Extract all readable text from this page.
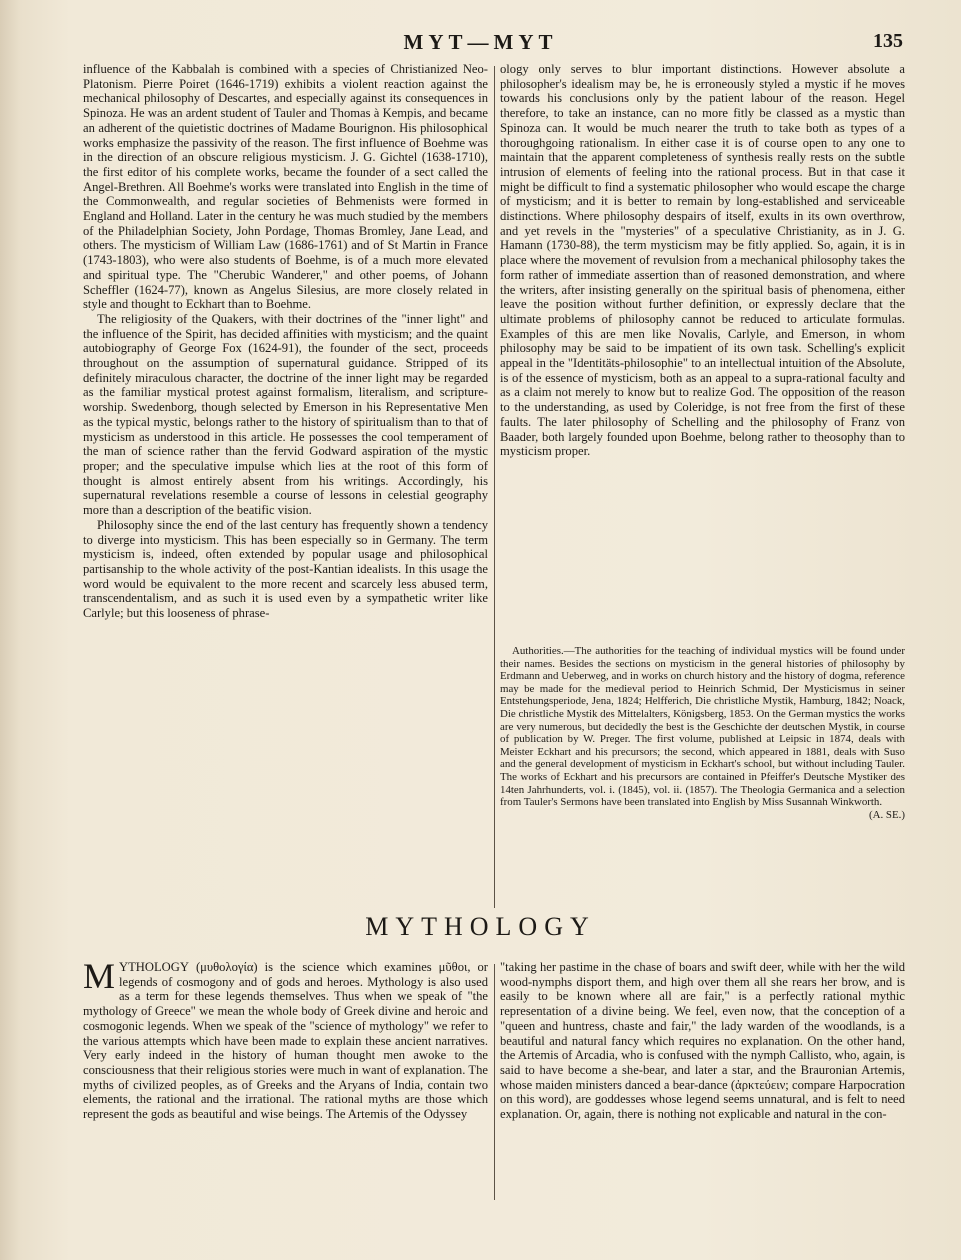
MYT—MYT	135

influence of the Kabbalah is combined with a species of Christianized Neo-Platonism. Pierre Poiret (1646-1719) exhibits a violent reaction against the mechanical philosophy of Descartes, and especially against its consequences in Spinoza. He was an ardent student of Tauler and Thomas à Kempis, and became an adherent of the quietistic doctrines of Madame Bourignon. His philosophical works emphasize the passivity of the reason. The first influence of Boehme was in the direction of an obscure religious mysticism. J. G. Gichtel (1638-1710), the first editor of his complete works, became the founder of a sect called the Angel-Brethren. All Boehme's works were translated into English in the time of the Commonwealth, and regular societies of Behmenists were formed in England and Holland. Later in the century he was much studied by the members of the Philadelphian Society, John Pordage, Thomas Bromley, Jane Lead, and others. The mysticism of William Law (1686-1761) and of St Martin in France (1743-1803), who were also students of Boehme, is of a much more elevated and spiritual type. The "Cherubic Wanderer," and other poems, of Johann Scheffler (1624-77), known as Angelus Silesius, are more closely related in style and thought to Eckhart than to Boehme.

The religiosity of the Quakers, with their doctrines of the "inner light" and the influence of the Spirit, has decided affinities with mysticism; and the quaint autobiography of George Fox (1624-91), the founder of the sect, proceeds throughout on the assumption of supernatural guidance. Stripped of its definitely miraculous character, the doctrine of the inner light may be regarded as the familiar mystical protest against formalism, literalism, and scripture-worship. Swedenborg, though selected by Emerson in his Representative Men as the typical mystic, belongs rather to the history of spiritualism than to that of mysticism as understood in this article. He possesses the cool temperament of the man of science rather than the fervid Godward aspiration of the mystic proper; and the speculative impulse which lies at the root of this form of thought is almost entirely absent from his writings. Accordingly, his supernatural revelations resemble a course of lessons in celestial geography more than a description of the beatific vision.

Philosophy since the end of the last century has frequently shown a tendency to diverge into mysticism. This has been especially so in Germany. The term mysticism is, indeed, often extended by popular usage and philosophical partisanship to the whole activity of the post-Kantian idealists. In this usage the word would be equivalent to the more recent and scarcely less abused term, transcendentalism, and as such it is used even by a sympathetic writer like Carlyle; but this looseness of phrase-

ology only serves to blur important distinctions. However absolute a philosopher's idealism may be, he is erroneously styled a mystic if he moves towards his conclusions only by the patient labour of the reason. Hegel therefore, to take an instance, can no more fitly be classed as a mystic than Spinoza can. It would be much nearer the truth to take both as types of a thoroughgoing rationalism. In either case it is of course open to any one to maintain that the apparent completeness of synthesis really rests on the subtle intrusion of elements of feeling into the rational process. But in that case it might be difficult to find a systematic philosopher who would escape the charge of mysticism; and it is better to remain by long-established and serviceable distinctions. Where philosophy despairs of itself, exults in its own overthrow, and yet revels in the "mysteries" of a speculative Christianity, as in J. G. Hamann (1730-88), the term mysticism may be fitly applied. So, again, it is in place where the movement of revulsion from a mechanical philosophy takes the form rather of immediate assertion than of reasoned demonstration, and where the writers, after insisting generally on the spiritual basis of phenomena, either leave the position without further definition, or expressly declare that the ultimate problems of philosophy cannot be reduced to articulate formulas. Examples of this are men like Novalis, Carlyle, and Emerson, in whom philosophy may be said to be impatient of its own task. Schelling's explicit appeal in the "Identitäts-philosophie" to an intellectual intuition of the Absolute, is of the essence of mysticism, both as an appeal to a supra-rational faculty and as a claim not merely to know but to realize God. The opposition of the reason to the understanding, as used by Coleridge, is not free from the first of these faults. The later philosophy of Schelling and the philosophy of Franz von Baader, both largely founded upon Boehme, belong rather to theosophy than to mysticism proper.

Authorities.—The authorities for the teaching of individual mystics will be found under their names. Besides the sections on mysticism in the general histories of philosophy by Erdmann and Ueberweg, and in works on church history and the history of dogma, reference may be made for the medieval period to Heinrich Schmid, Der Mysticismus in seiner Entstehungsperiode, Jena, 1824; Helfferich, Die christliche Mystik, Hamburg, 1842; Noack, Die christliche Mystik des Mittelalters, Königsberg, 1853. On the German mystics the works are very numerous, but decidedly the best is the Geschichte der deutschen Mystik, in course of publication by W. Preger. The first volume, published at Leipsic in 1874, deals with Meister Eckhart and his precursors; the second, which appeared in 1881, deals with Suso and the general development of mysticism in Eckhart's school, but without including Tauler. The works of Eckhart and his precursors are contained in Pfeiffer's Deutsche Mystiker des 14ten Jahrhunderts, vol. i. (1845), vol. ii. (1857). The Theologia Germanica and a selection from Tauler's Sermons have been translated into English by Miss Susannah Winkworth.
(A. SE.)

MYTHOLOGY

MYTHOLOGY (μυθολογία) is the science which examines μῦθοι, or legends of cosmogony and of gods and heroes. Mythology is also used as a term for these legends themselves. Thus when we speak of "the mythology of Greece" we mean the whole body of Greek divine and heroic and cosmogonic legends. When we speak of the "science of mythology" we refer to the various attempts which have been made to explain these ancient narratives. Very early indeed in the history of human thought men awoke to the consciousness that their religious stories were much in want of explanation. The myths of civilized peoples, as of Greeks and the Aryans of India, contain two elements, the rational and the irrational. The rational myths are those which represent the gods as beautiful and wise beings. The Artemis of the Odyssey

"taking her pastime in the chase of boars and swift deer, while with her the wild wood-nymphs disport them, and high over them all she rears her brow, and is easily to be known where all are fair," is a perfectly rational mythic representation of a divine being. We feel, even now, that the conception of a "queen and huntress, chaste and fair," the lady warden of the woodlands, is a beautiful and natural fancy which requires no explanation. On the other hand, the Artemis of Arcadia, who is confused with the nymph Callisto, who, again, is said to have become a she-bear, and later a star, and the Brauronian Artemis, whose maiden ministers danced a bear-dance (ἀρκτεύειν; compare Harpocration on this word), are goddesses whose legend seems unnatural, and is felt to need explanation. Or, again, there is nothing not explicable and natural in the con-
